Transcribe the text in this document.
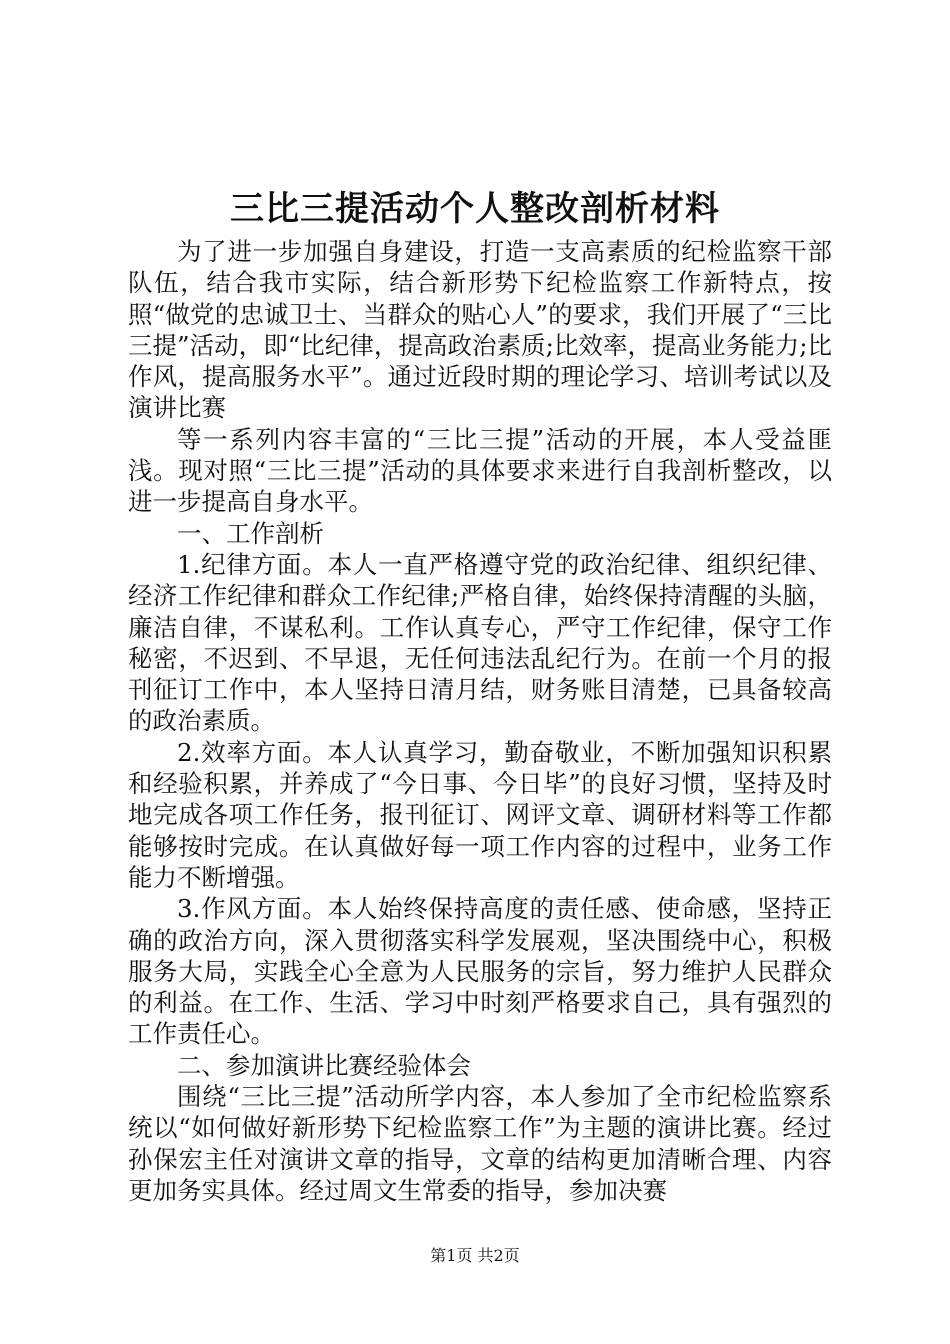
三比三提活动个人整改剖析材料

为了进一步加强自身建设，打造一支高素质的纪检监察干部队伍，结合我市实际，结合新形势下纪检监察工作新特点，按照“做党的忠诚卫士、当群众的贴心人”的要求，我们开展了“三比三提”活动，即“比纪律，提高政治素质;比效率，提高业务能力;比作风，提高服务水平”。通过近段时期的理论学习、培训考试以及演讲比赛

等一系列内容丰富的“三比三提”活动的开展，本人受益匪浅。现对照“三比三提”活动的具体要求来进行自我剖析整改，以进一步提高自身水平。

一、工作剖析

1.纪律方面。本人一直严格遵守党的政治纪律、组织纪律、经济工作纪律和群众工作纪律;严格自律，始终保持清醒的头脑，廉洁自律，不谋私利。工作认真专心，严守工作纪律，保守工作秘密，不迟到、不早退，无任何违法乱纪行为。在前一个月的报刊征订工作中，本人坚持日清月结，财务账目清楚，已具备较高的政治素质。

2.效率方面。本人认真学习，勤奋敬业，不断加强知识积累和经验积累，并养成了“今日事、今日毕”的良好习惯，坚持及时地完成各项工作任务，报刊征订、网评文章、调研材料等工作都能够按时完成。在认真做好每一项工作内容的过程中，业务工作能力不断增强。

3.作风方面。本人始终保持高度的责任感、使命感，坚持正确的政治方向，深入贯彻落实科学发展观，坚决围绕中心，积极服务大局，实践全心全意为人民服务的宗旨，努力维护人民群众的利益。在工作、生活、学习中时刻严格要求自己，具有强烈的工作责任心。

二、参加演讲比赛经验体会

围绕“三比三提”活动所学内容，本人参加了全市纪检监察系统以“如何做好新形势下纪检监察工作”为主题的演讲比赛。经过孙保宏主任对演讲文章的指导，文章的结构更加清晰合理、内容更加务实具体。经过周文生常委的指导，参加决赛

第1页 共2页
